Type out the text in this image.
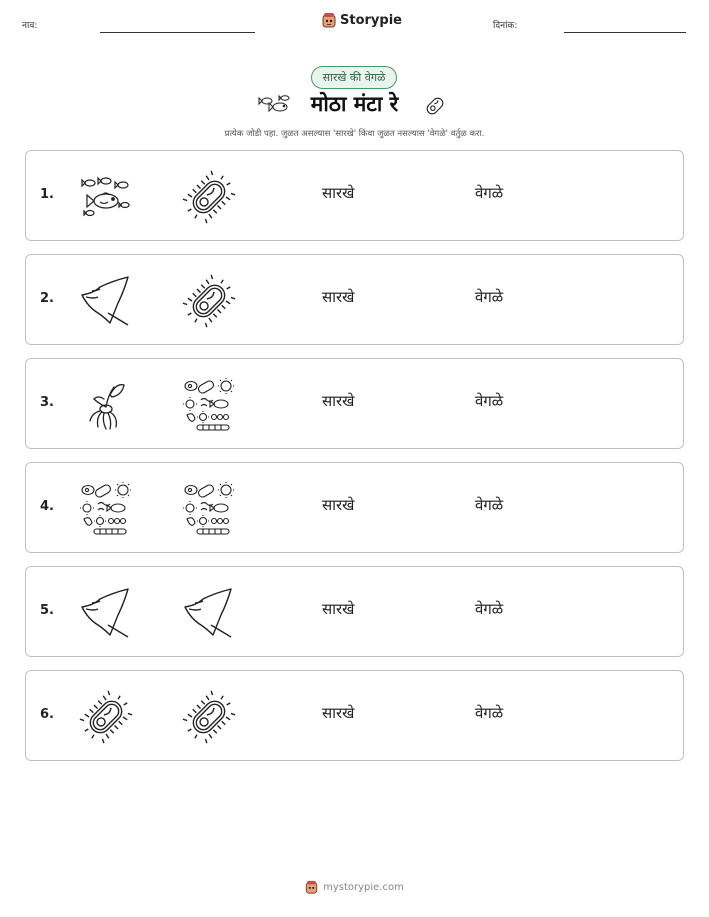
नाव:	Storypie	दिनांक:
सारखे की वेगळे
मोठा मंटा रे
प्रत्येक जोडी पहा. जुळत असल्यास 'सारखे' किंवा जुळत नसल्यास 'वेगळे' वर्तुळ करा.
1.	सारखे	वेगळे
2.	सारखे	वेगळे
3.	सारखे	वेगळे
4.	सारखे	वेगळे
5.	सारखे	वेगळे
6.	सारखे	वेगळे
mystorypie.com
